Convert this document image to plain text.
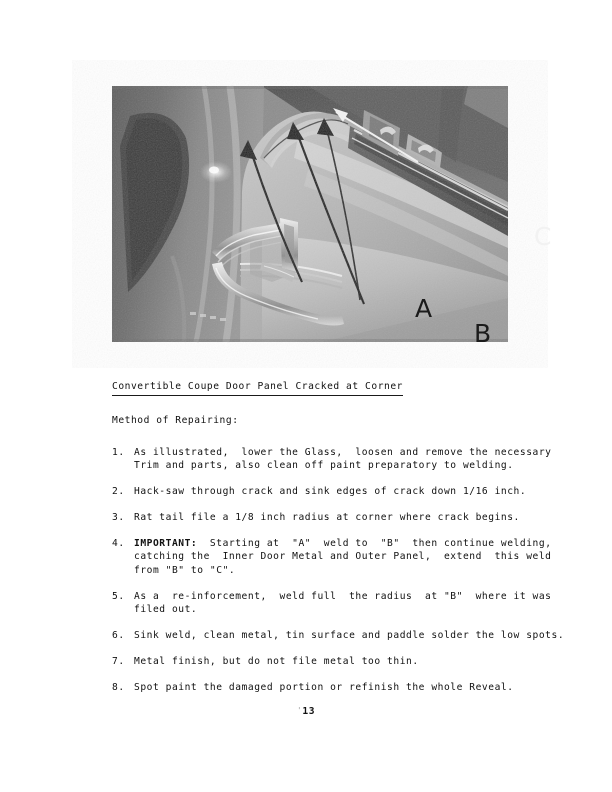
A
B
C
Convertible Coupe Door Panel Cracked at Corner
Method of Repairing:
1. As illustrated,  lower the Glass,  loosen and remove the necessary
Trim and parts, also clean off paint preparatory to welding.
2. Hack-saw through crack and sink edges of crack down 1/16 inch.
3. Rat tail file a 1/8 inch radius at corner where crack begins.
4. IMPORTANT:  Starting at  "A"  weld to  "B"  then continue welding,
catching the  Inner Door Metal and Outer Panel,  extend  this weld
from "B" to "C".
5. As a  re-inforcement,  weld full  the radius  at "B"  where it was
filed out.
6. Sink weld, clean metal, tin surface and paddle solder the low spots.
7. Metal finish, but do not file metal too thin.
8. Spot paint the damaged portion or refinish the whole Reveal.
'13
